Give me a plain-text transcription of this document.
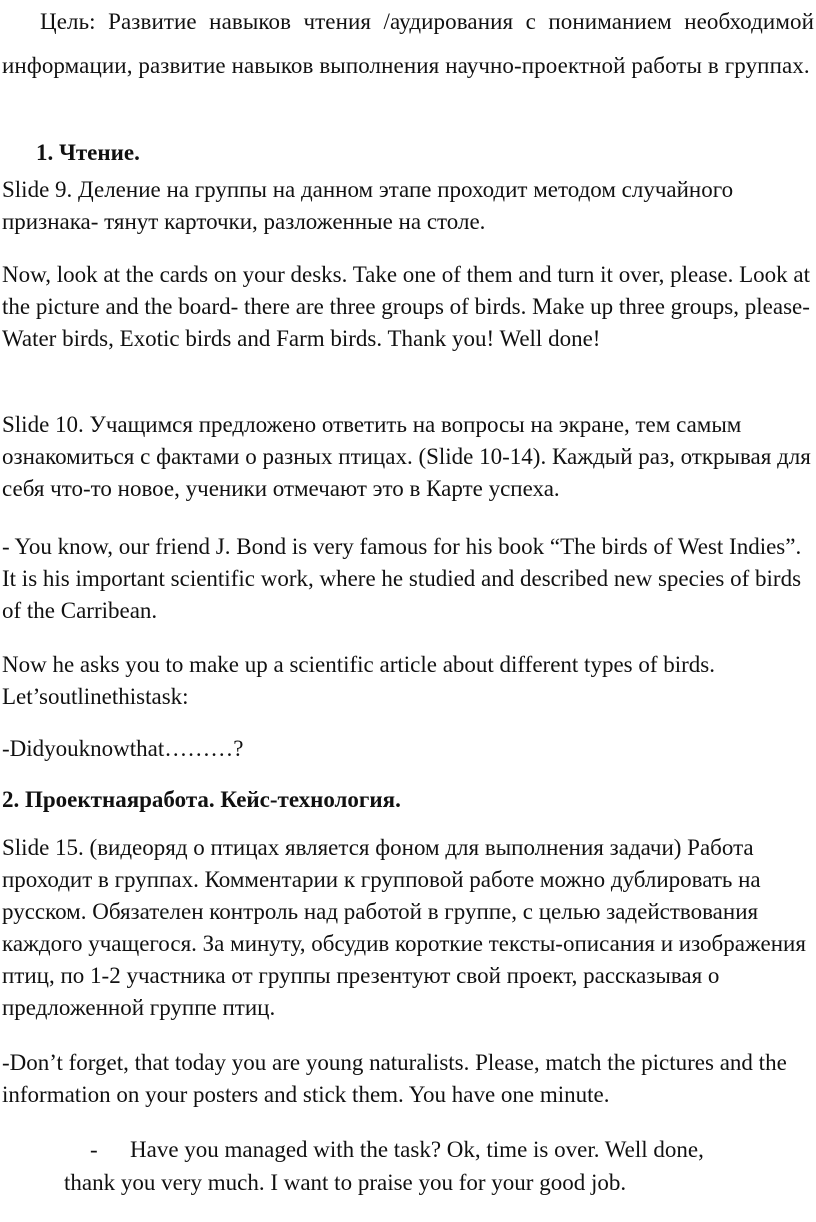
Цель: Развитие навыков чтения /аудирования с пониманием необходимой информации, развитие навыков выполнения научно-проектной работы в группах.

1. Чтение.

Slide 9. Деление на группы на данном этапе проходит методом случайного признака- тянут карточки, разложенные на столе.

Now, look at the cards on your desks. Take one of them and turn it over, please. Look at the picture and the board- there are three groups of birds. Make up three groups, please- Water birds, Exotic birds and Farm birds. Thank you! Well done!

Slide 10. Учащимся предложено ответить на вопросы на экране, тем самым ознакомиться с фактами о разных птицах. (Slide 10-14). Каждый раз, открывая для себя что-то новое, ученики отмечают это в Карте успеха.

- You know, our friend J. Bond is very famous for his book “The birds of West Indies”. It is his important scientific work, where he studied and described new species of birds of the Carribean.

Now he asks you to make up a scientific article about different types of birds. Let’soutlinethistask:

-Didyouknowthat………?

2. Проектнаяработа. Кейс-технология.

Slide 15. (видеоряд о птицах является фоном для выполнения задачи) Работа проходит в группах. Комментарии к групповой работе можно дублировать на русском. Обязателен контроль над работой в группе, с целью задействования каждого учащегося. За минуту, обсудив короткие тексты-описания и изображения птиц, по 1-2 участника от группы презентуют свой проект, рассказывая о предложенной группе птиц.

-Don’t forget, that today you are young naturalists. Please, match the pictures and the information on your posters and stick them. You have one minute.

- Have you managed with the task? Ok, time is over. Well done,
thank you very much. I want to praise you for your good job.
